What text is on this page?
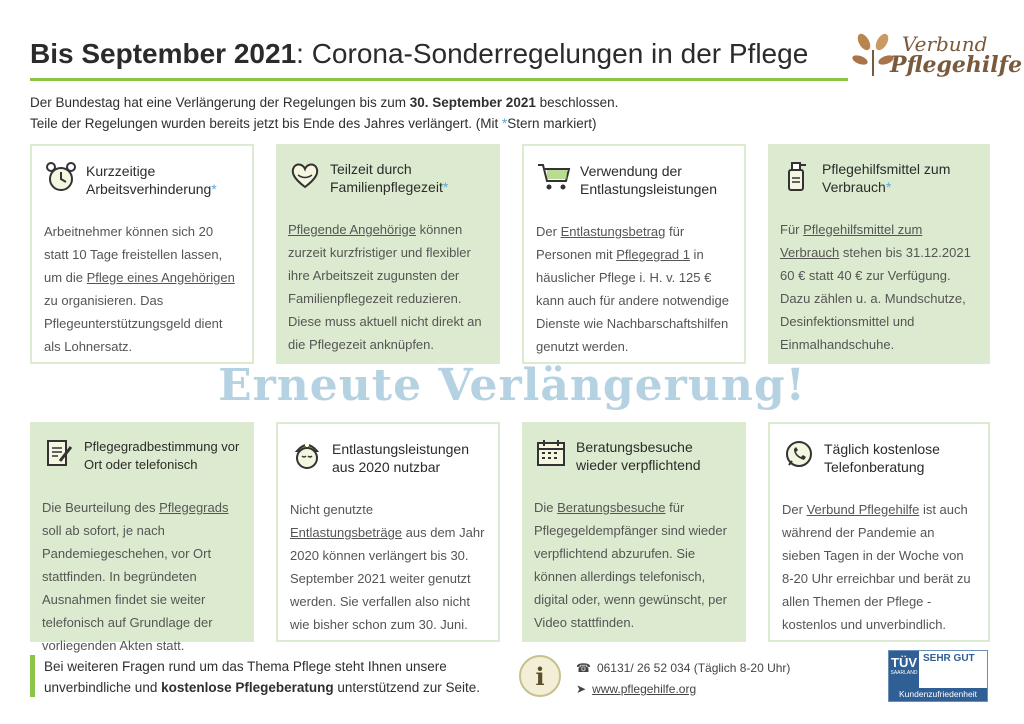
Bis September 2021: Corona-Sonderregelungen in der Pflege	Verbund
Pflegehilfe
Der Bundestag hat eine Verlängerung der Regelungen bis zum 30. September 2021 beschlossen.
Teile der Regelungen wurden bereits jetzt bis Ende des Jahres verlängert. (Mit *Stern markiert)
Kurzzeitige Arbeitsverhinderung*
Arbeitnehmer können sich 20 statt 10 Tage freistellen lassen, um die Pflege eines Angehörigen zu organisieren. Das Pflegeunterstützungsgeld dient als Lohnersatz.
Teilzeit durch Familienpflegezeit*
Pflegende Angehörige können zurzeit kurzfristiger und flexibler ihre Arbeitszeit zugunsten der Familienpflegezeit reduzieren. Diese muss aktuell nicht direkt an die Pflegezeit anknüpfen.
Verwendung der Entlastungsleistungen
Der Entlastungsbetrag für Personen mit Pflegegrad 1 in häuslicher Pflege i. H. v. 125 € kann auch für andere notwendige Dienste wie Nachbarschaftshilfen genutzt werden.
Pflegehilfsmittel zum Verbrauch*
Für Pflegehilfsmittel zum Verbrauch stehen bis 31.12.2021 60 € statt 40 € zur Verfügung. Dazu zählen u. a. Mundschutze, Desinfektionsmittel und Einmalhandschuhe.
Erneute Verlängerung!
Pflegegradbestimmung vor Ort oder telefonisch
Die Beurteilung des Pflegegrads soll ab sofort, je nach Pandemiegeschehen, vor Ort stattfinden. In begründeten Ausnahmen findet sie weiter telefonisch auf Grundlage der vorliegenden Akten statt.
Entlastungsleistungen aus 2020 nutzbar
Nicht genutzte Entlastungsbeträge aus dem Jahr 2020 können verlängert bis 30. September 2021 weiter genutzt werden. Sie verfallen also nicht wie bisher schon zum 30. Juni.
Beratungsbesuche wieder verpflichtend
Die Beratungsbesuche für Pflegegeldempfänger sind wieder verpflichtend abzurufen. Sie können allerdings telefonisch, digital oder, wenn gewünscht, per Video stattfinden.
Täglich kostenlose Telefonberatung
Der Verbund Pflegehilfe ist auch während der Pandemie an sieben Tagen in der Woche von 8-20 Uhr erreichbar und berät zu allen Themen der Pflege - kostenlos und unverbindlich.
Bei weiteren Fragen rund um das Thema Pflege steht Ihnen unsere
unverbindliche und kostenlose Pflegeberatung unterstützend zur Seite.	i	☎ 06131/ 26 52 034 (Täglich 8-20 Uhr)
➤ www.pflegehilfe.org
TÜV
SAARLAND
SEHR GUT
Kundenzufriedenheit
